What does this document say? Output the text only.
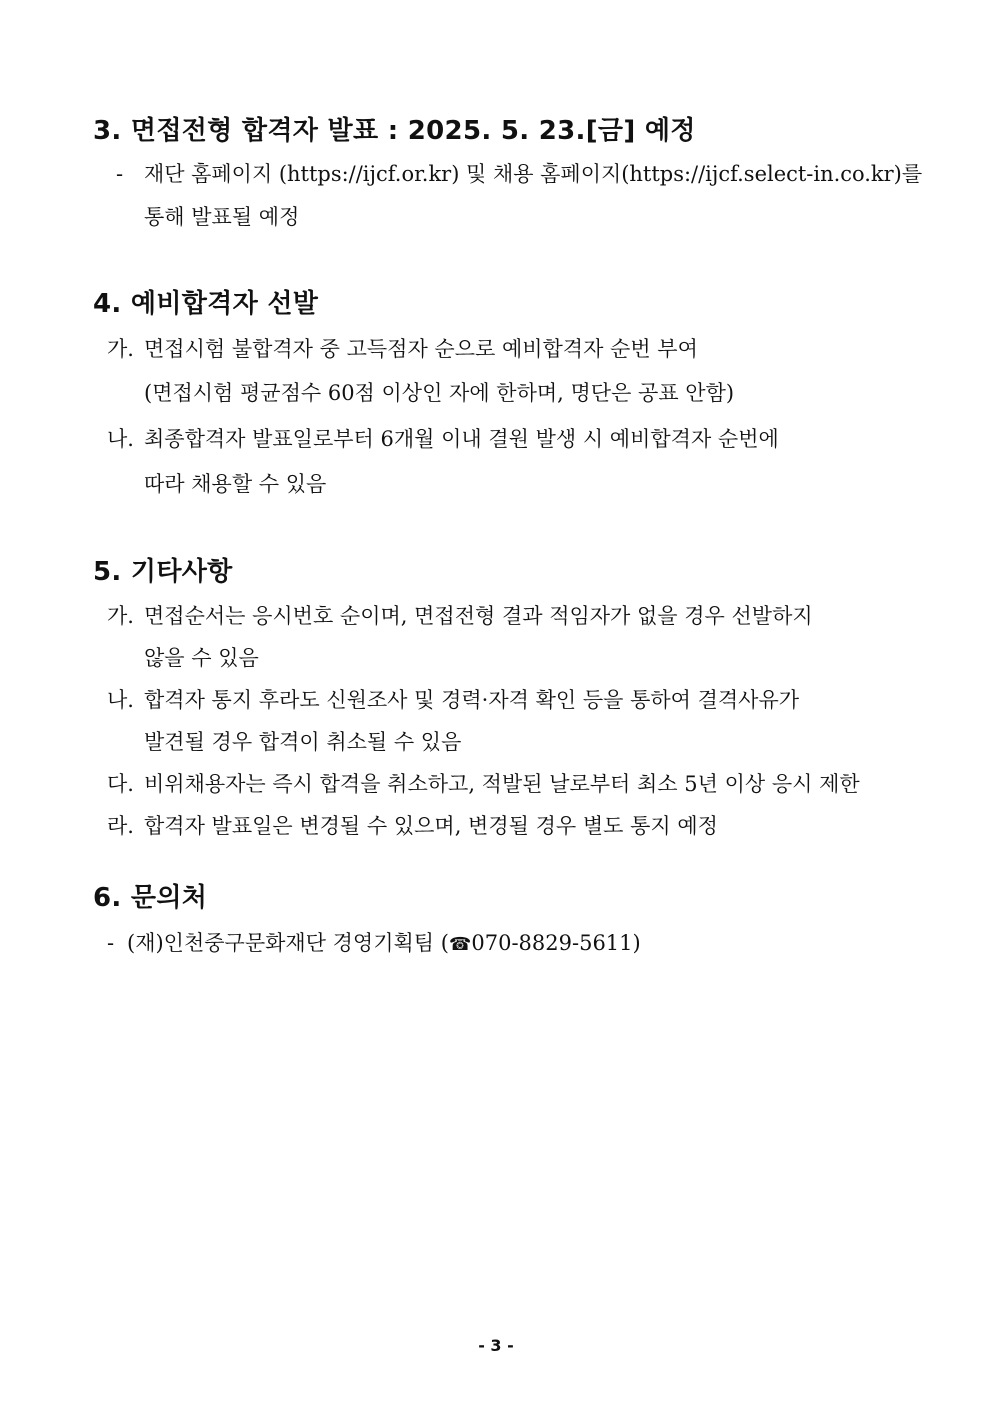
3. 면접전형 합격자 발표 : 2025. 5. 23.[금] 예정

- 재단 홈페이지 (https://ijcf.or.kr) 및 채용 홈페이지(https://ijcf.select-in.co.kr)를

통해 발표될 예정

4. 예비합격자 선발

가. 면접시험 불합격자 중 고득점자 순으로 예비합격자 순번 부여

(면접시험 평균점수 60점 이상인 자에 한하며, 명단은 공표 안함)

나. 최종합격자 발표일로부터 6개월 이내 결원 발생 시 예비합격자 순번에

따라 채용할 수 있음

5. 기타사항

가. 면접순서는 응시번호 순이며, 면접전형 결과 적임자가 없을 경우 선발하지

않을 수 있음

나. 합격자 통지 후라도 신원조사 및 경력·자격 확인 등을 통하여 결격사유가

발견될 경우 합격이 취소될 수 있음

다. 비위채용자는 즉시 합격을 취소하고, 적발된 날로부터 최소 5년 이상 응시 제한

라. 합격자 발표일은 변경될 수 있으며, 변경될 경우 별도 통지 예정

6. 문의처

- (재)인천중구문화재단 경영기획팀 (☎070-8829-5611)

- 3 -
